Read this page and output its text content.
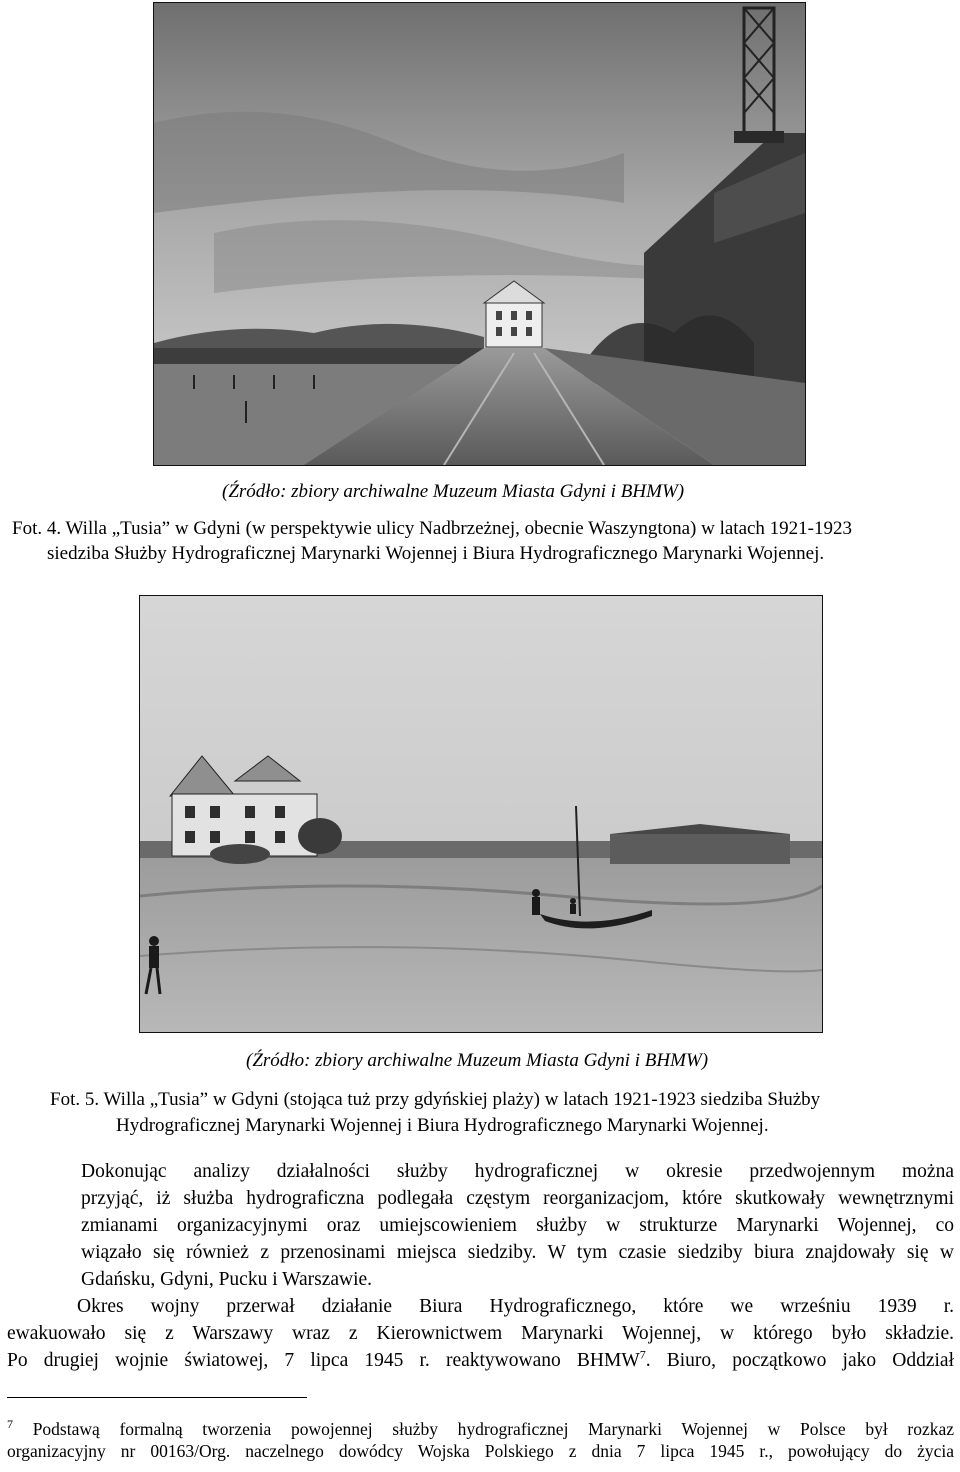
(Źródło: zbiory archiwalne Muzeum Miasta Gdyni i BHMW)
Fot. 4. Willa „Tusia” w Gdyni (w perspektywie ulicy Nadbrzeżnej, obecnie Waszyngtona) w latach 1921-1923
siedziba Służby Hydrograficznej Marynarki Wojennej i Biura Hydrograficznego Marynarki Wojennej.
(Źródło: zbiory archiwalne Muzeum Miasta Gdyni i BHMW)
Fot. 5. Willa „Tusia” w Gdyni (stojąca tuż przy gdyńskiej plaży) w latach 1921-1923 siedziba Służby
Hydrograficznej Marynarki Wojennej i Biura Hydrograficznego Marynarki Wojennej.
Dokonując analizy działalności służby hydrograficznej w okresie przedwojennym można
przyjąć, iż służba hydrograficzna podlegała częstym reorganizacjom, które skutkowały wewnętrznymi
zmianami organizacyjnymi oraz umiejscowieniem służby w strukturze Marynarki Wojennej, co
wiązało się również z przenosinami miejsca siedziby. W tym czasie siedziby biura znajdowały się w
Gdańsku, Gdyni, Pucku i Warszawie.
Okres wojny przerwał działanie Biura Hydrograficznego, które we wrześniu 1939 r.
ewakuowało się z Warszawy wraz z Kierownictwem Marynarki Wojennej, w którego było składzie.
Po drugiej wojnie światowej, 7 lipca 1945 r. reaktywowano BHMW$^7$. Biuro, początkowo jako Oddział
$^7$ Podstawą formalną tworzenia powojennej służby hydrograficznej Marynarki Wojennej w Polsce był rozkaz
organizacyjny nr 00163/Org. naczelnego dowódcy Wojska Polskiego z dnia 7 lipca 1945 r., powołujący do życia
